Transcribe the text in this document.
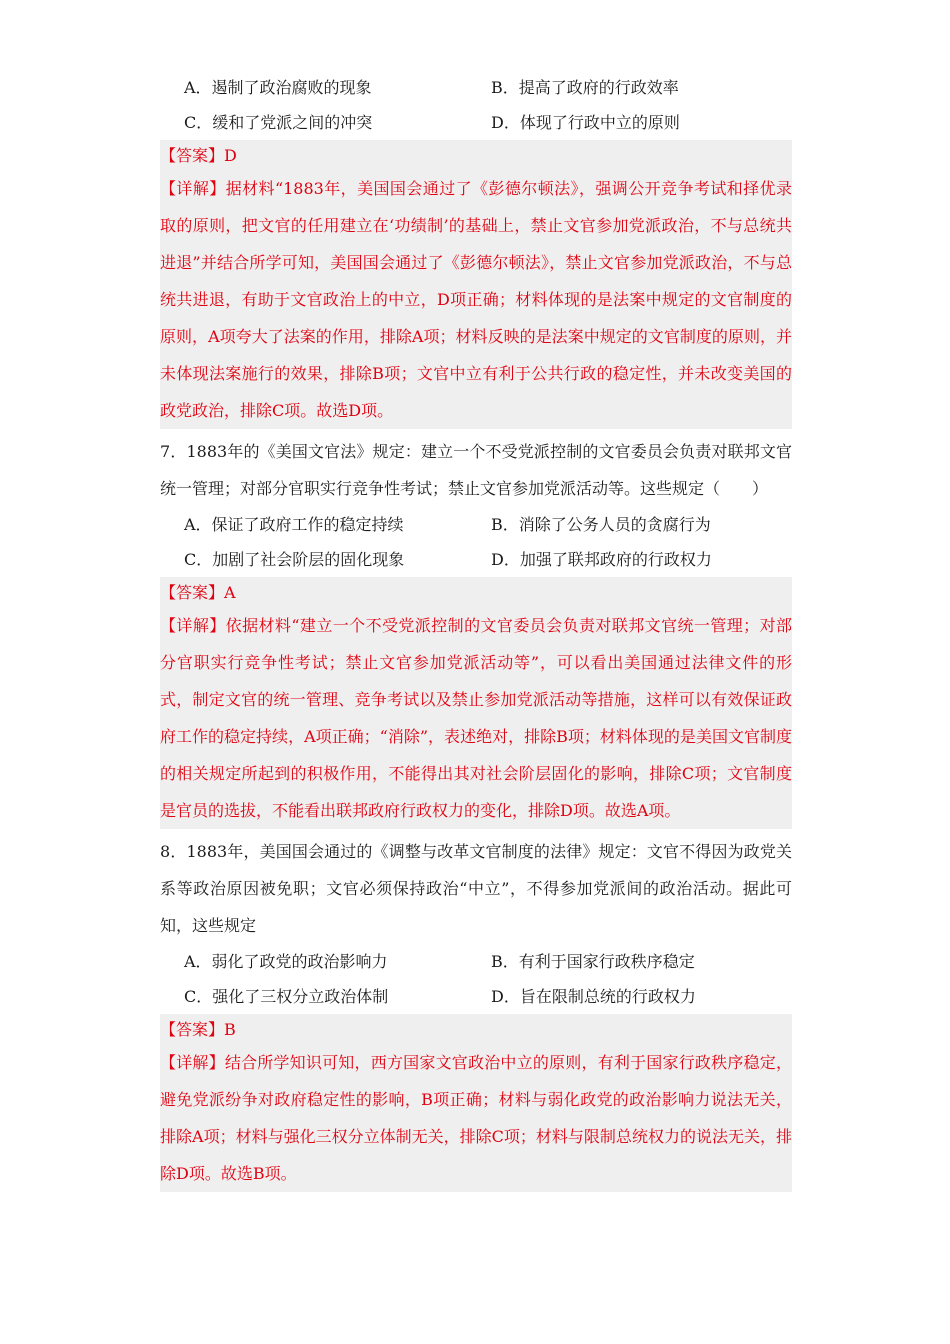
A．遏制了政治腐败的现象	B．提高了政府的行政效率
C．缓和了党派之间的冲突	D．体现了行政中立的原则
【答案】D
【详解】据材料“1883年，美国国会通过了《彭德尔顿法》，强调公开竞争考试和择优录取的原则，把文官的任用建立在‘功绩制’的基础上，禁止文官参加党派政治，不与总统共进退”并结合所学可知，美国国会通过了《彭德尔顿法》，禁止文官参加党派政治，不与总统共进退，有助于文官政治上的中立，D项正确；材料体现的是法案中规定的文官制度的原则，A项夸大了法案的作用，排除A项；材料反映的是法案中规定的文官制度的原则，并未体现法案施行的效果，排除B项；文官中立有利于公共行政的稳定性，并未改变美国的政党政治，排除C项。故选D项。
7．1883年的《美国文官法》规定：建立一个不受党派控制的文官委员会负责对联邦文官统一管理；对部分官职实行竞争性考试；禁止文官参加党派活动等。这些规定（　　）
A．保证了政府工作的稳定持续	B．消除了公务人员的贪腐行为
C．加剧了社会阶层的固化现象	D．加强了联邦政府的行政权力
【答案】A
【详解】依据材料“建立一个不受党派控制的文官委员会负责对联邦文官统一管理；对部分官职实行竞争性考试；禁止文官参加党派活动等”，可以看出美国通过法律文件的形式，制定文官的统一管理、竞争考试以及禁止参加党派活动等措施，这样可以有效保证政府工作的稳定持续，A项正确；“消除”，表述绝对，排除B项；材料体现的是美国文官制度的相关规定所起到的积极作用，不能得出其对社会阶层固化的影响，排除C项；文官制度是官员的选拔，不能看出联邦政府行政权力的变化，排除D项。故选A项。
8．1883年，美国国会通过的《调整与改革文官制度的法律》规定：文官不得因为政党关系等政治原因被免职；文官必须保持政治“中立”，不得参加党派间的政治活动。据此可知，这些规定
A．弱化了政党的政治影响力	B．有利于国家行政秩序稳定
C．强化了三权分立政治体制	D．旨在限制总统的行政权力
【答案】B
【详解】结合所学知识可知，西方国家文官政治中立的原则，有利于国家行政秩序稳定，避免党派纷争对政府稳定性的影响，B项正确；材料与弱化政党的政治影响力说法无关，排除A项；材料与强化三权分立体制无关，排除C项；材料与限制总统权力的说法无关，排除D项。故选B项。
